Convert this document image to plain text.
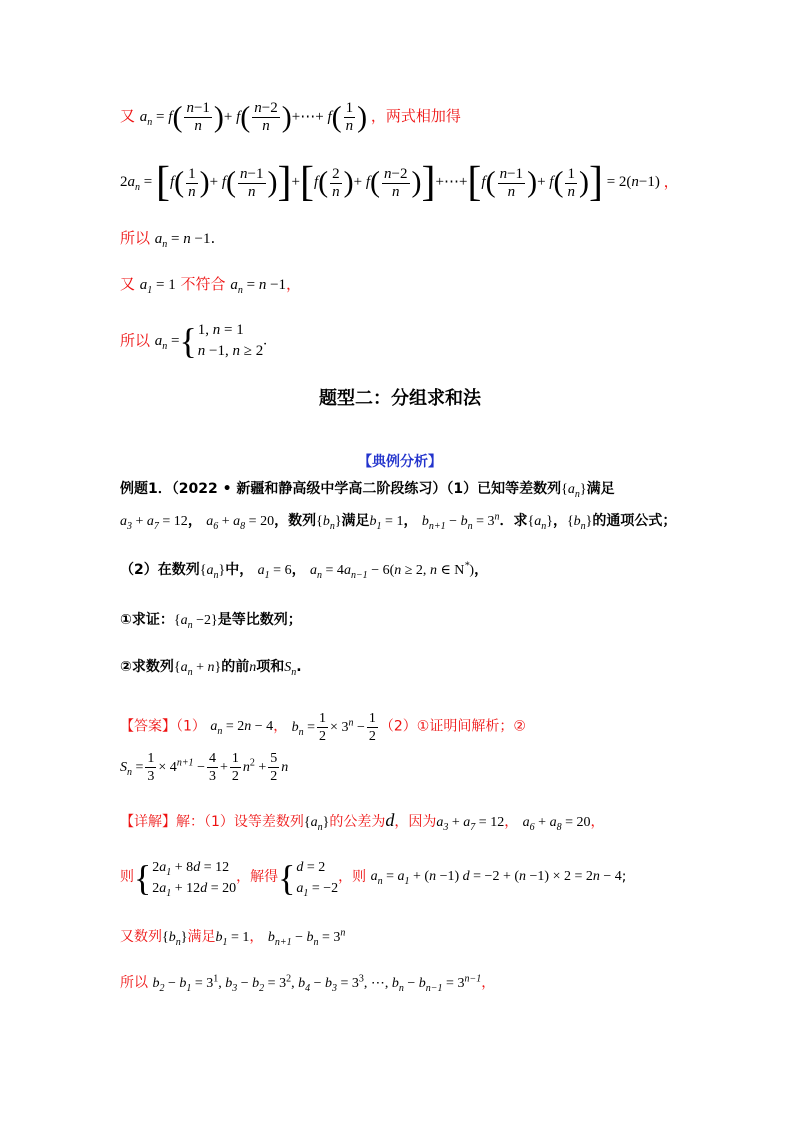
又 $a_n = f( \frac{n-1}{n}$ )+ $f( \frac{n-2}{n}$ )+⋯+ $f( \frac{1}{n}$ ) ，两式相加得
$2a_n = [f( \frac{1}{n}$ )+ $f( \frac{n-1}{n} )]+[f( \frac{2}{n}$ )+ $f( \frac{n-2}{n}$ )]+⋯+[f( $\frac{n-1}{n}$ )+ $f( \frac{1}{n}$ )] = 2(n−1) ，
所以 $a_n = n -1$.
又 $a_1 = 1$ 不符合 $a_n = n -1$，
所以 $a_n$ ={ 1, n = 1
n −1, n ≥ 2
.
题型二：分组求和法
【典例分析】
例题1．（2022 • 新疆和静高级中学高二阶段练习）（1）已知等差数列$\{a_n\}$满足
$a_3 + a_7 = 12$， $a_6 + a_8 = 20$，数列$\{b_n\}$满足$b_1 = 1$， $b_{n+1} - b_n = 3^n$．求$\{a_n\}$，$\{b_n\}$的通项公式；
（2）在数列$\{a_n\}$中， $a_1 = 6$， $a_n = 4a_{n-1} - 6(n \ge 2$, n ∈ N*)，
①求证：$\{a_n -2\}$是等比数列；
②求数列$\{a_n + n\}$的前n项和$S_n$.
【答案】（1） $a_n = 2n - 4$， $b_n = \frac{1}{2} \times 3^n - \frac{1}{2}$ （2）①证明间解析；②
$S_n = \frac{1}{3} \times 4^{n+1} - \frac{4}{3} + \frac{1}{2} n^2 + \frac{5}{2}$ n
【详解】解：（1）设等差数列$\{a_n\}$的公差为d，因为$a_3 + a_7 = 12$， $a_6 + a_8 = 20$，
则{ $2a_1 + 8d = 12$
$2a_1 + 12d = 20$
，解得{ d = 2
$a_1 = -2$
，则 $a_n = a_1 + (n -1) d = -2 + (n -1) \times 2 = 2n - 4$;
又数列$\{b_n\}$满足$b_1 = 1$， $b_{n+1} - b_n = 3^n$
所以 $b_2 - b_1 = 3^1$, $b_3 - b_2 = 3^2$, $b_4 - b_3 = 3^3$, ⋯, $b_n - b_{n-1} = 3^{n-1}$，
